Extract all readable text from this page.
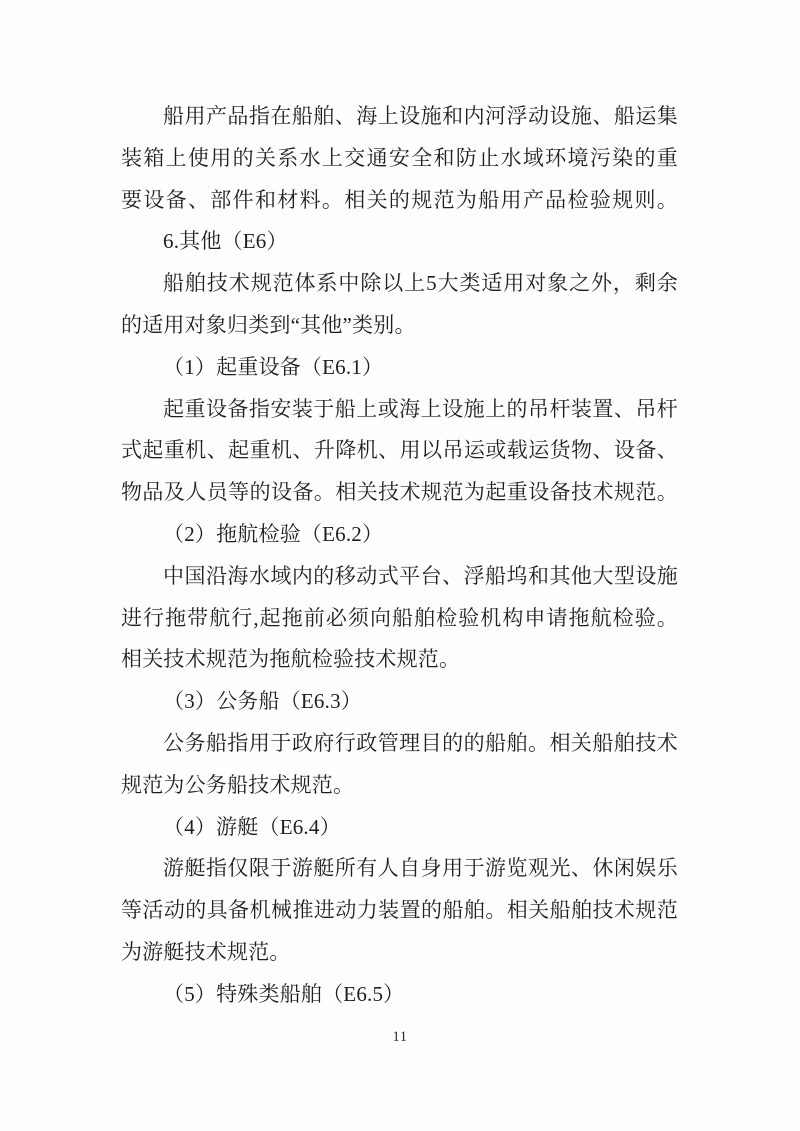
船用产品指在船舶、海上设施和内河浮动设施、船运集
装箱上使用的关系水上交通安全和防止水域环境污染的重
要设备、部件和材料。相关的规范为船用产品检验规则。
6.其他（E6）
船舶技术规范体系中除以上5大类适用对象之外，剩余
的适用对象归类到“其他”类别。
（1）起重设备（E6.1）
起重设备指安装于船上或海上设施上的吊杆装置、吊杆
式起重机、起重机、升降机、用以吊运或载运货物、设备、
物品及人员等的设备。相关技术规范为起重设备技术规范。
（2）拖航检验（E6.2）
中国沿海水域内的移动式平台、浮船坞和其他大型设施
进行拖带航行,起拖前必须向船舶检验机构申请拖航检验。
相关技术规范为拖航检验技术规范。
（3）公务船（E6.3）
公务船指用于政府行政管理目的的船舶。相关船舶技术
规范为公务船技术规范。
（4）游艇（E6.4）
游艇指仅限于游艇所有人自身用于游览观光、休闲娱乐
等活动的具备机械推进动力装置的船舶。相关船舶技术规范
为游艇技术规范。
（5）特殊类船舶（E6.5）
11
